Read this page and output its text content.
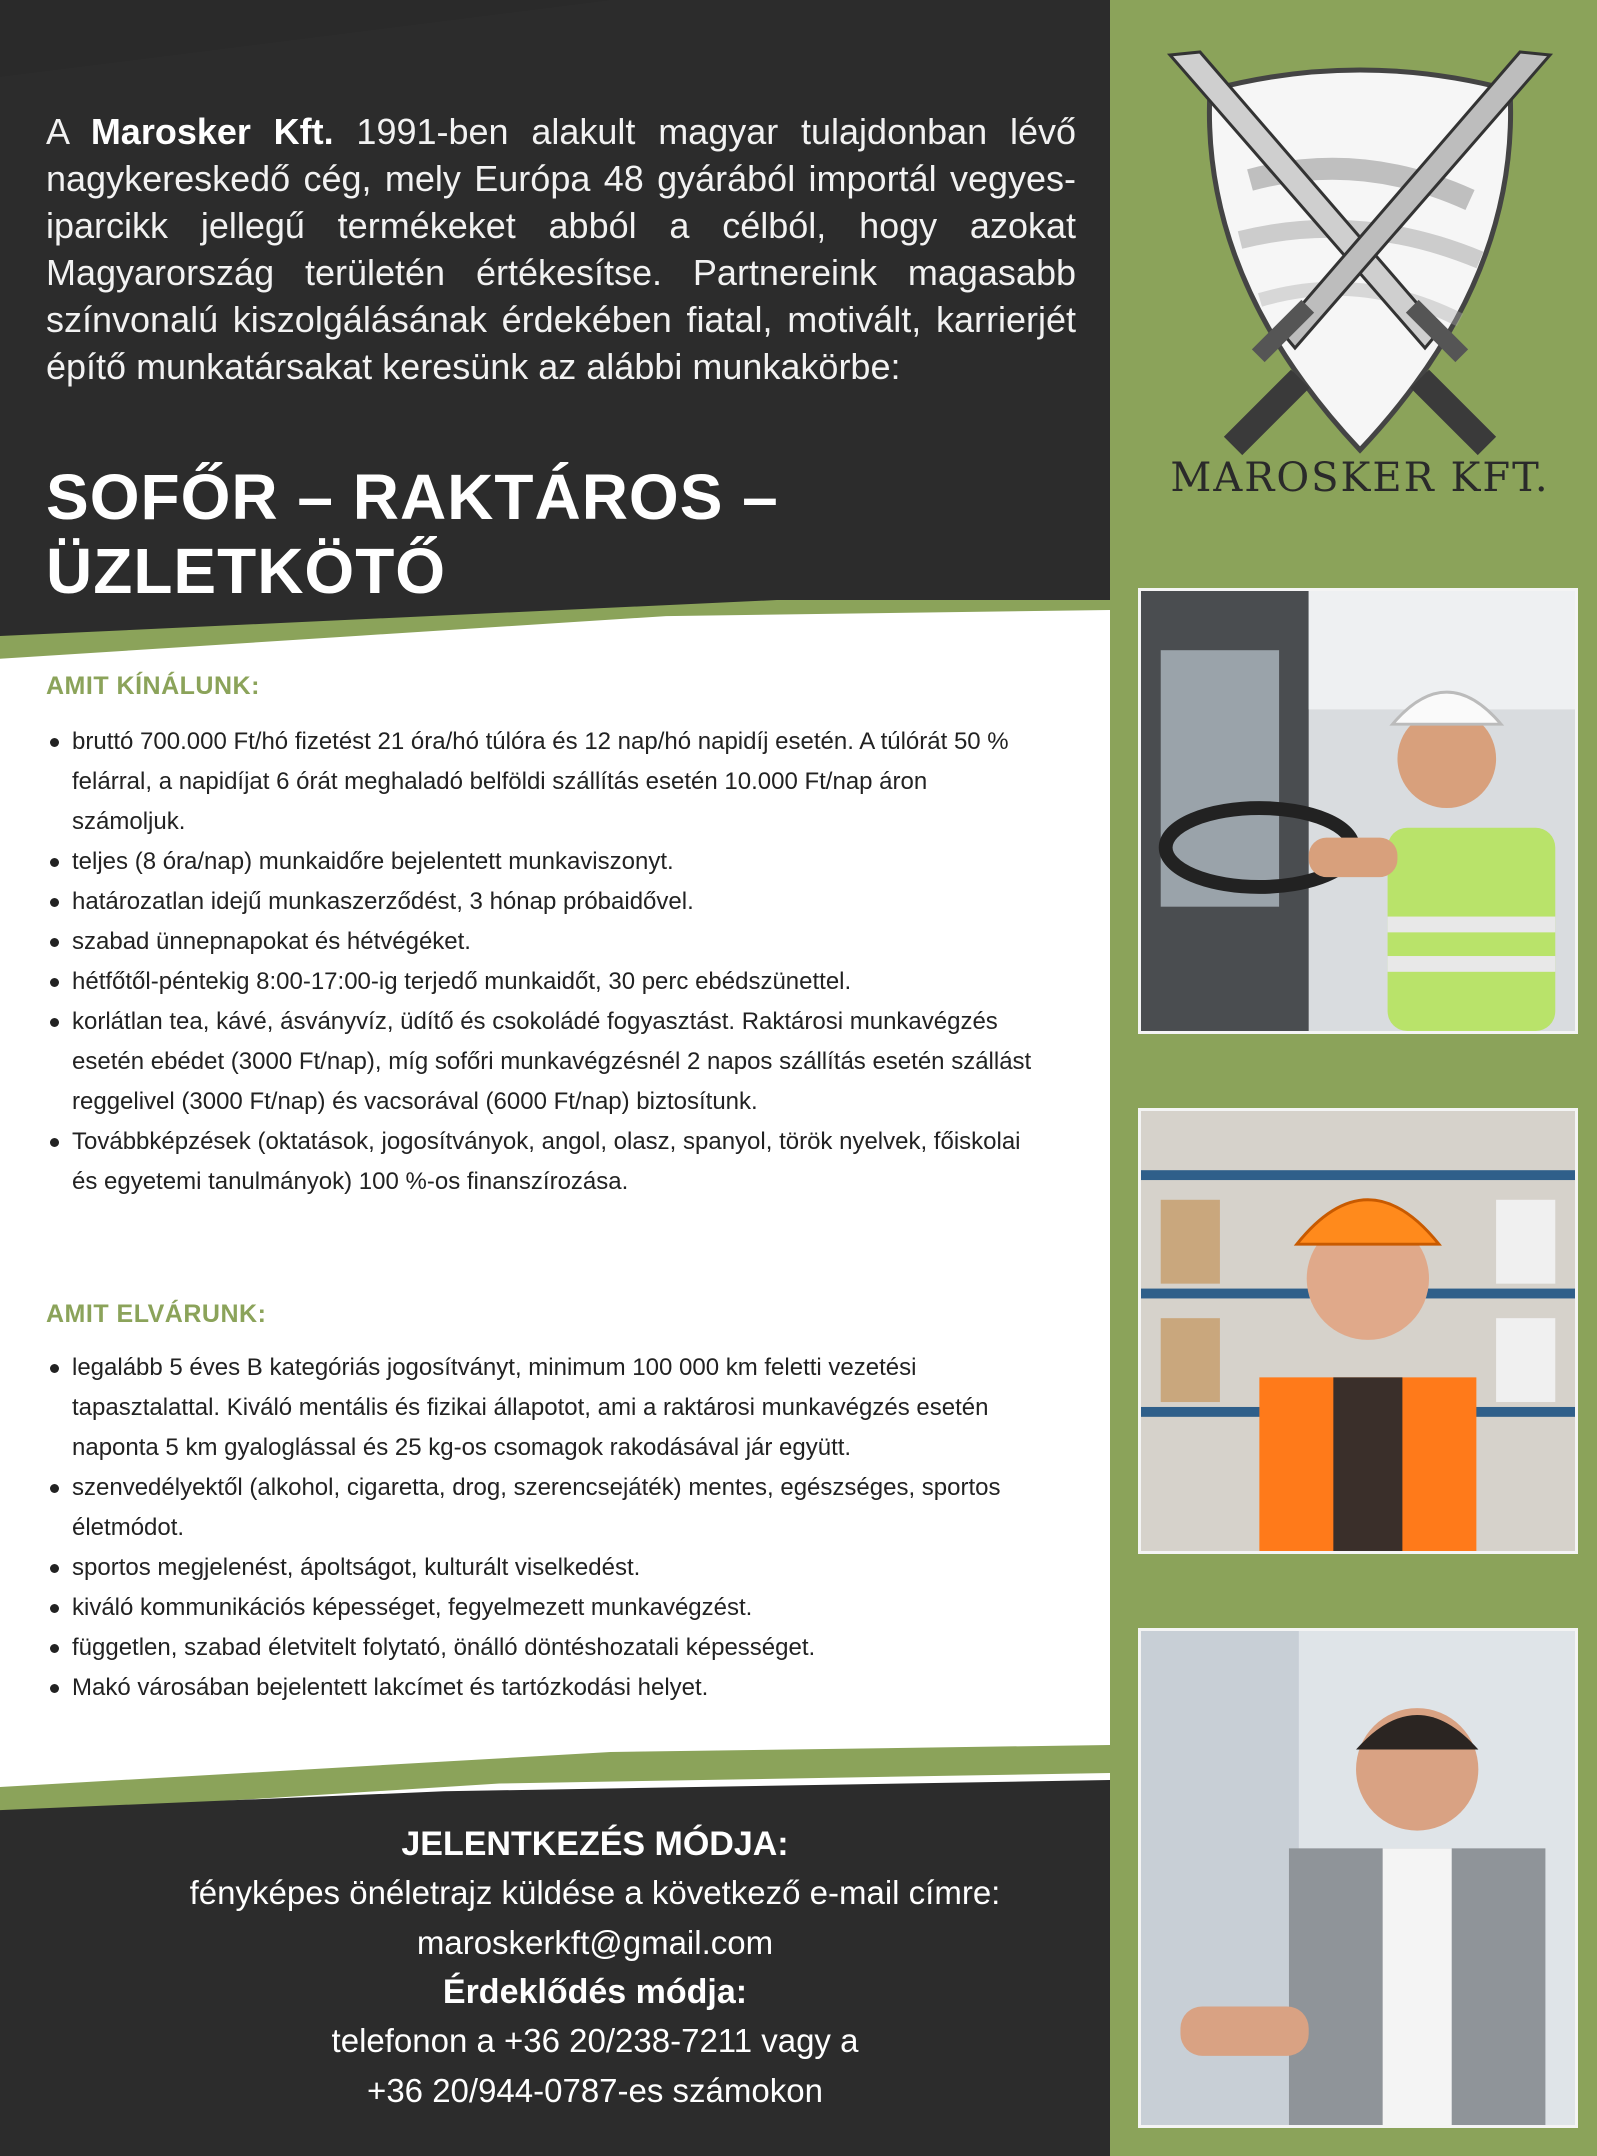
A Marosker Kft. 1991-ben alakult magyar tulajdonban lévő nagykereskedő cég, mely Európa 48 gyárából importál vegyes-iparcikk jellegű termékeket abból a célból, hogy azokat Magyarország területén értékesítse. Partnereink magasabb színvonalú kiszolgálásának érdekében fiatal, motivált, karrierjét építő munkatársakat keresünk az alábbi munkakörbe:
SOFŐR – RAKTÁROS – ÜZLETKÖTŐ
AMIT KÍNÁLUNK:
bruttó 700.000 Ft/hó fizetést 21 óra/hó túlóra és 12 nap/hó napidíj esetén. A túlórát 50 % felárral, a napidíjat 6 órát meghaladó belföldi szállítás esetén 10.000 Ft/nap áron számoljuk.
teljes (8 óra/nap) munkaidőre bejelentett munkaviszonyt.
határozatlan idejű munkaszerződést, 3 hónap próbaidővel.
szabad ünnepnapokat és hétvégéket.
hétfőtől-péntekig 8:00-17:00-ig terjedő munkaidőt, 30 perc ebédszünettel.
korlátlan tea, kávé, ásványvíz, üdítő és csokoládé fogyasztást. Raktárosi munkavégzés esetén ebédet (3000 Ft/nap), míg sofőri munkavégzésnél 2 napos szállítás esetén szállást reggelivel (3000 Ft/nap) és vacsorával (6000 Ft/nap) biztosítunk.
Továbbképzések (oktatások, jogosítványok, angol, olasz, spanyol, török nyelvek, főiskolai és egyetemi tanulmányok) 100 %-os finanszírozása.
AMIT ELVÁRUNK:
legalább 5 éves B kategóriás jogosítványt, minimum 100 000 km feletti vezetési tapasztalattal. Kiváló mentális és fizikai állapotot, ami a raktárosi munkavégzés esetén naponta 5 km gyaloglással és 25 kg-os csomagok rakodásával jár együtt.
szenvedélyektől (alkohol, cigaretta, drog, szerencsejáték) mentes, egészséges, sportos életmódot.
sportos megjelenést, ápoltságot, kulturált viselkedést.
kiváló kommunikációs képességet, fegyelmezett munkavégzést.
független, szabad életvitelt folytató, önálló döntéshozatali képességet.
Makó városában bejelentett lakcímet és tartózkodási helyet.
JELENTKEZÉS MÓDJA:
fényképes önéletrajz küldése a következő e-mail címre:
maroskerkft@gmail.com
Érdeklődés módja:
telefonon a +36 20/238-7211 vagy a
+36 20/944-0787-es számokon
MAROSKER KFT.
